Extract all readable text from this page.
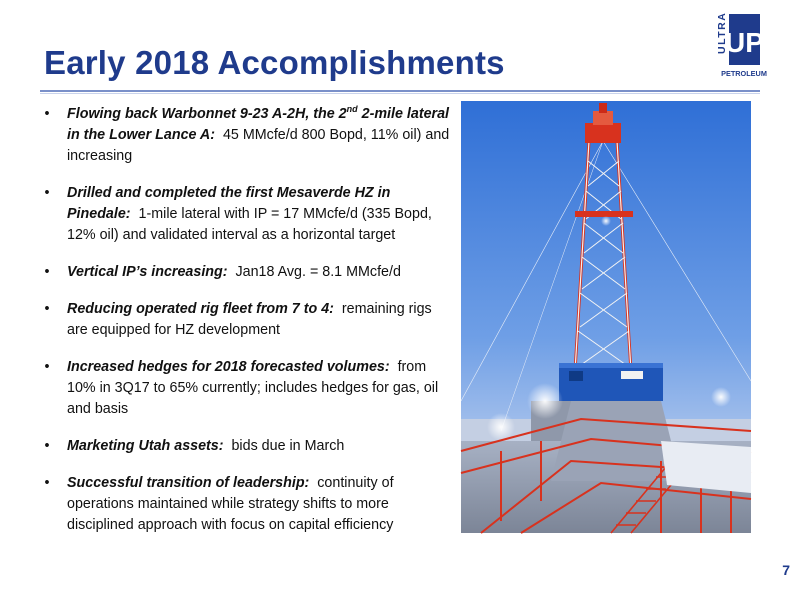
Early 2018 Accomplishments
ULTRA
UP
PETROLEUM
•	Flowing back Warbonnet 9-23 A-2H, the 2nd 2-mile lateral in the Lower Lance A: 45 MMcfe/d 800 Bopd, 11% oil) and increasing
•	Drilled and completed the first Mesaverde HZ in Pinedale: 1-mile lateral with IP = 17 MMcfe/d (335 Bopd, 12% oil) and validated interval as a horizontal target
•	Vertical IP’s increasing: Jan18 Avg. = 8.1 MMcfe/d
•	Reducing operated rig fleet from 7 to 4: remaining rigs are equipped for HZ development
•	Increased hedges for 2018 forecasted volumes: from 10% in 3Q17 to 65% currently; includes hedges for gas, oil and basis
•	Marketing Utah assets: bids due in March
•	Successful transition of leadership: continuity of operations maintained while strategy shifts to more disciplined approach with focus on capital efficiency
7
